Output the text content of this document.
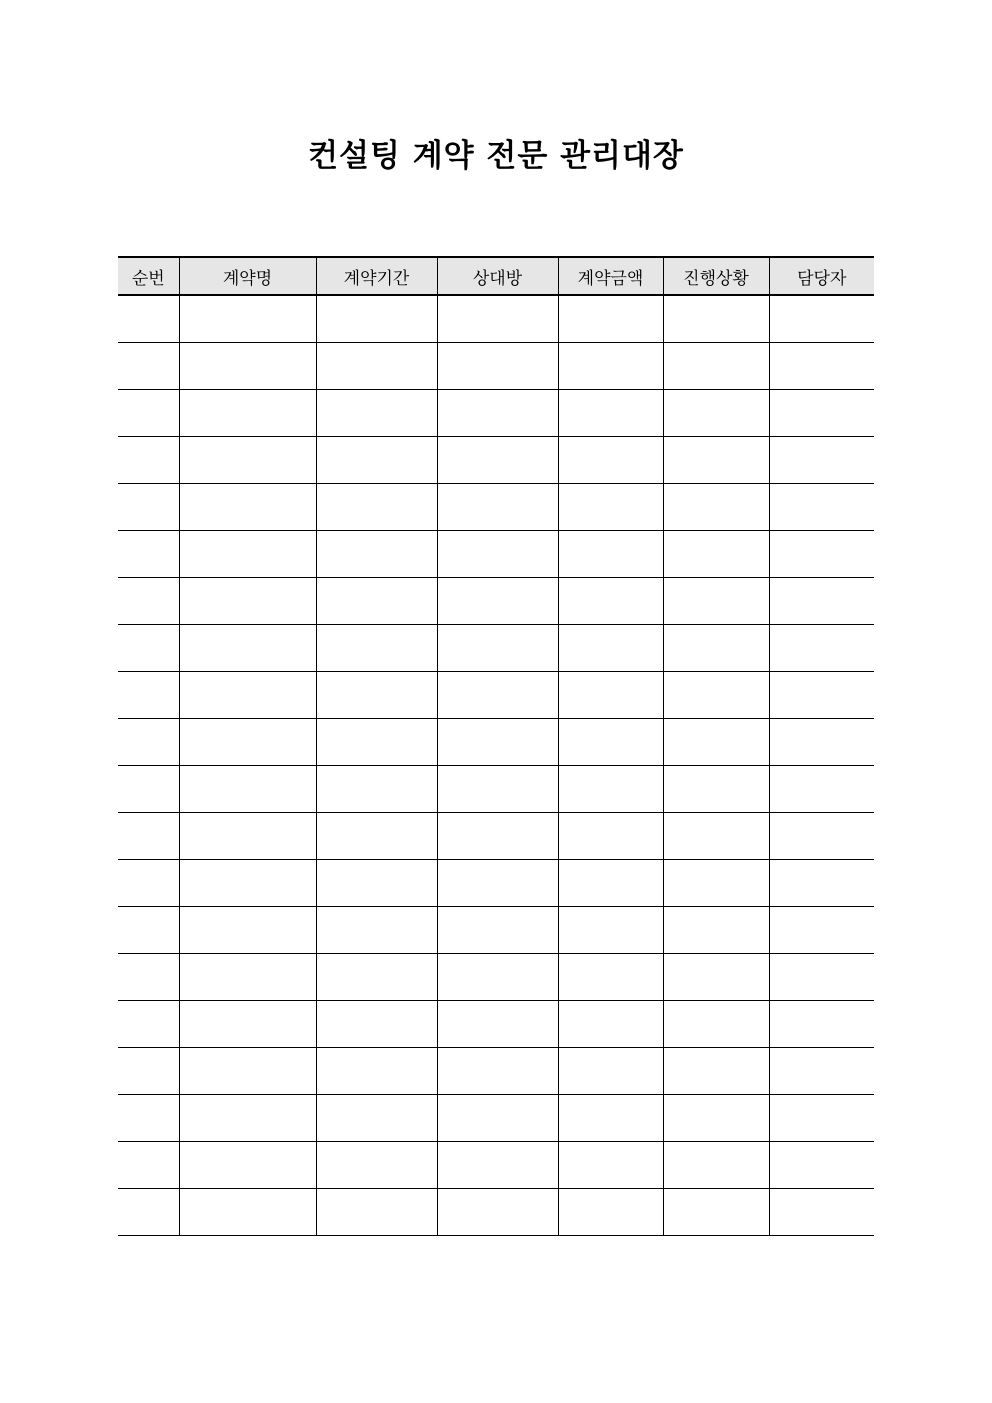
컨설팅 계약 전문 관리대장
순번	계약명	계약기간	상대방	계약금액	진행상황	담당자
